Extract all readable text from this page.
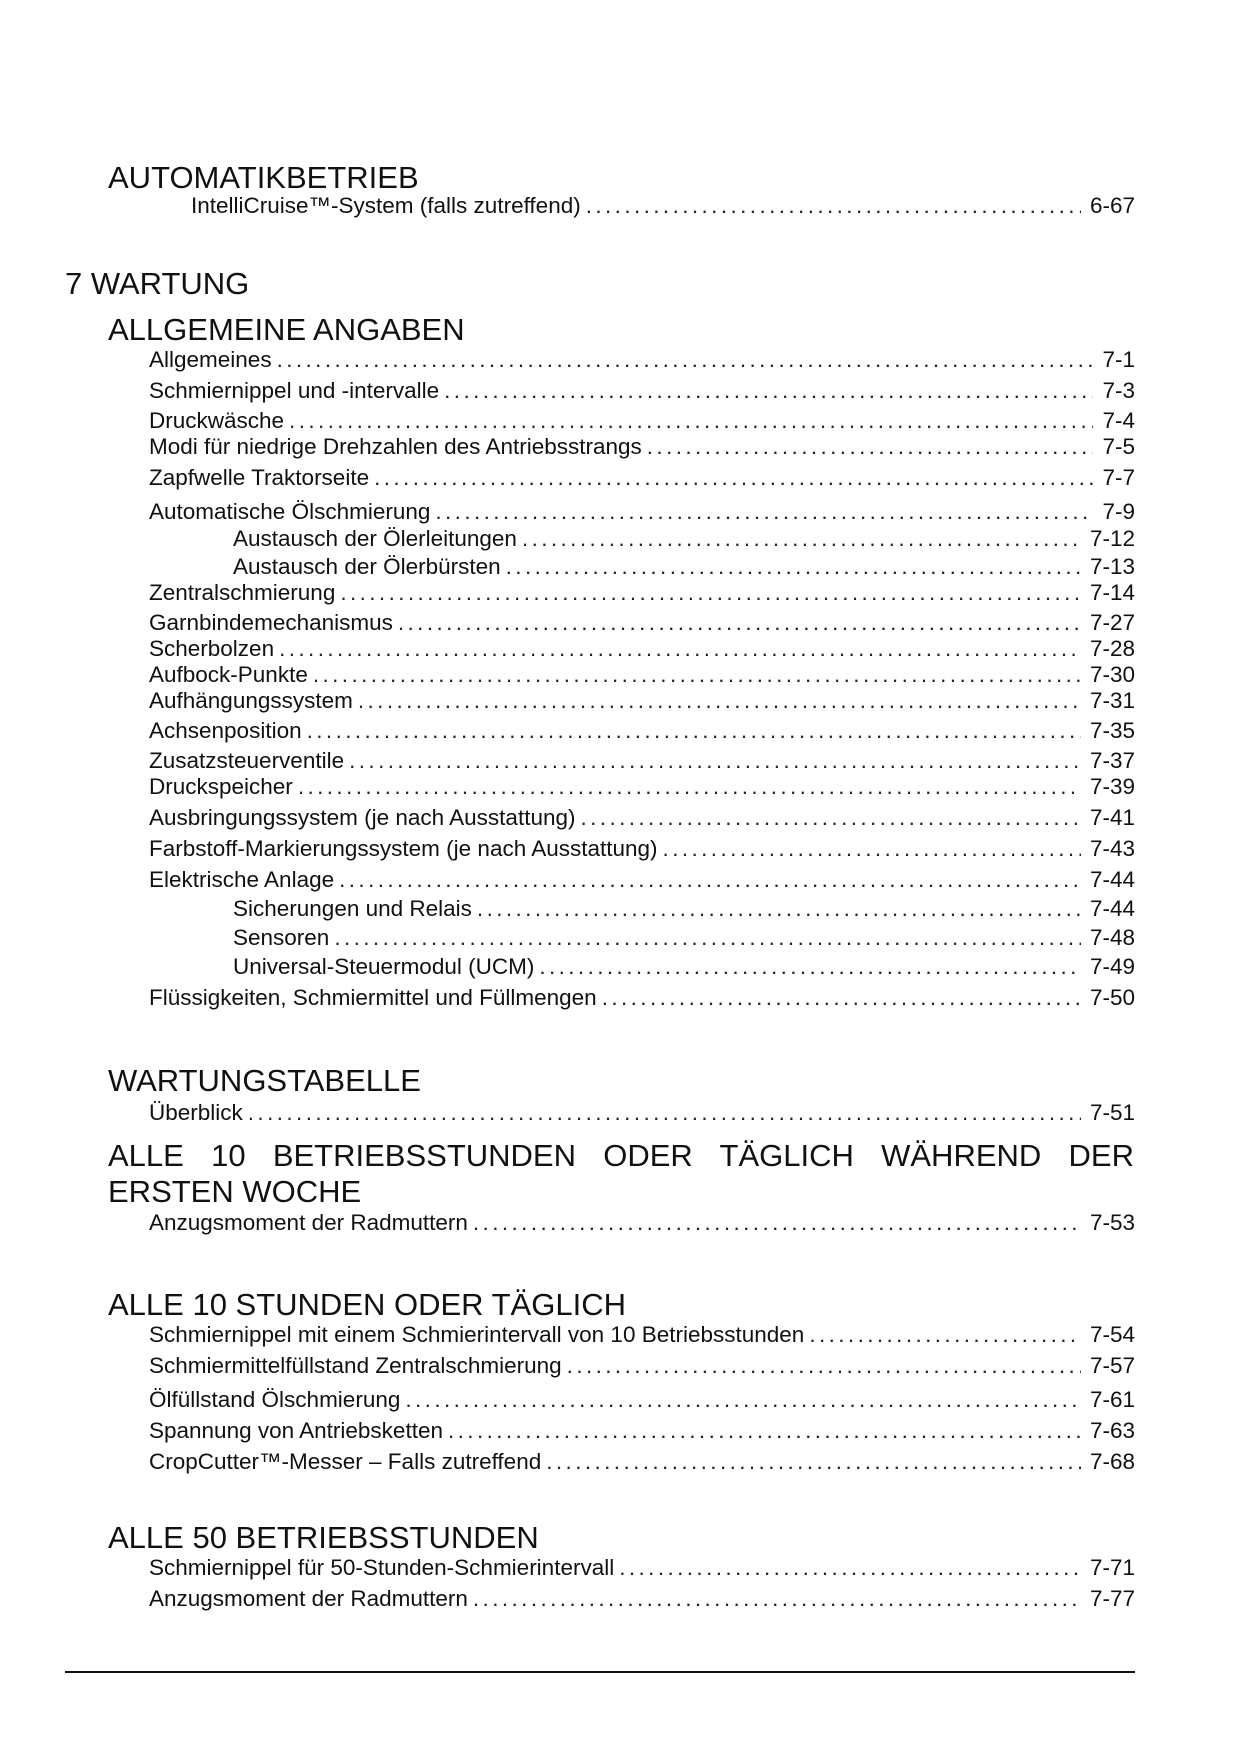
AUTOMATIKBETRIEB
IntelliCruise™-System (falls zutreffend) .....	6-67
7 WARTUNG
ALLGEMEINE ANGABEN
Allgemeines .....	7-1
Schmiernippel und -intervalle .....	7-3
Druckwäsche .....	7-4
Modi für niedrige Drehzahlen des Antriebsstrangs .....	7-5
Zapfwelle Traktorseite .....	7-7
Automatische Ölschmierung .....	7-9
Austausch der Ölerleitungen .....	7-12
Austausch der Ölerbürsten .....	7-13
Zentralschmierung .....	7-14
Garnbindemechanismus .....	7-27
Scherbolzen .....	7-28
Aufbock-Punkte .....	7-30
Aufhängungssystem .....	7-31
Achsenposition .....	7-35
Zusatzsteuerventile .....	7-37
Druckspeicher .....	7-39
Ausbringungssystem (je nach Ausstattung) .....	7-41
Farbstoff-Markierungssystem (je nach Ausstattung) .....	7-43
Elektrische Anlage .....	7-44
Sicherungen und Relais .....	7-44
Sensoren .....	7-48
Universal-Steuermodul (UCM) .....	7-49
Flüssigkeiten, Schmiermittel und Füllmengen .....	7-50
WARTUNGSTABELLE
Überblick .....	7-51
ALLE 10 BETRIEBSSTUNDEN ODER TÄGLICH WÄHREND DER ERSTEN WOCHE
Anzugsmoment der Radmuttern .....	7-53
ALLE 10 STUNDEN ODER TÄGLICH
Schmiernippel mit einem Schmierintervall von 10 Betriebsstunden .....	7-54
Schmiermittelfüllstand Zentralschmierung .....	7-57
Ölfüllstand Ölschmierung .....	7-61
Spannung von Antriebsketten .....	7-63
CropCutter™-Messer – Falls zutreffend .....	7-68
ALLE 50 BETRIEBSSTUNDEN
Schmiernippel für 50-Stunden-Schmierintervall .....	7-71
Anzugsmoment der Radmuttern .....	7-77
